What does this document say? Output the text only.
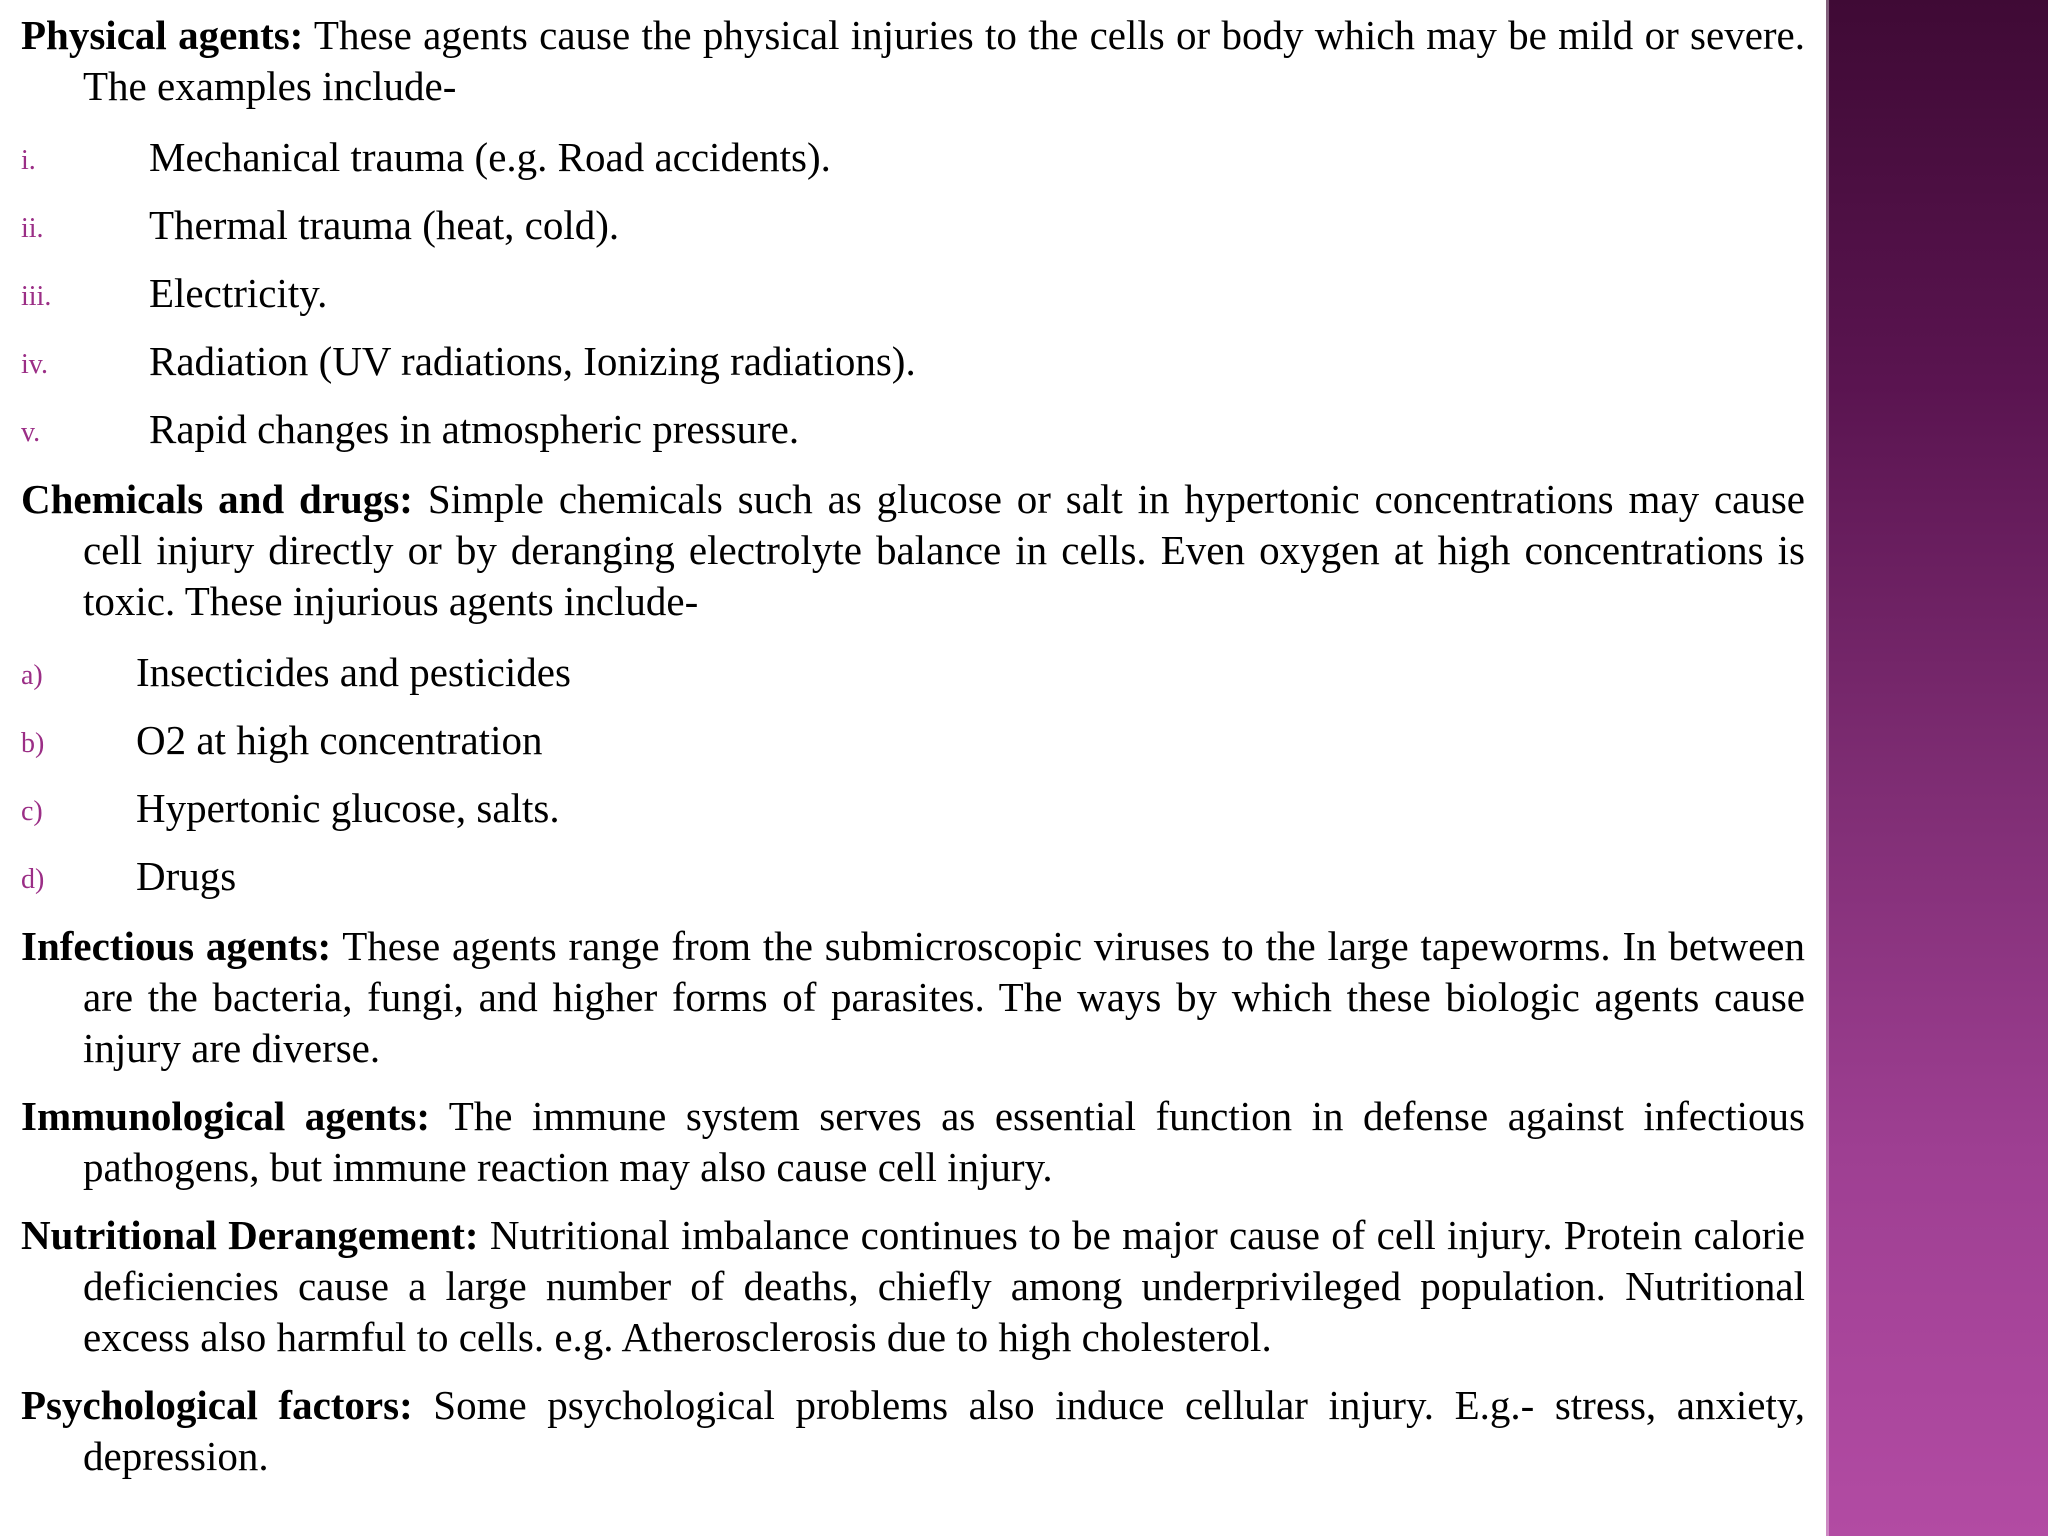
Physical agents: These agents cause the physical injuries to the cells or body which may be mild or severe. The examples include-

i.	Mechanical trauma (e.g. Road accidents).
ii.	Thermal trauma (heat, cold).
iii. Electricity.
iv. Radiation (UV radiations, Ionizing radiations).
v.	Rapid changes in atmospheric pressure.

Chemicals and drugs: Simple chemicals such as glucose or salt in hypertonic concentrations may cause cell injury directly or by deranging electrolyte balance in cells. Even oxygen at high concentrations is toxic. These injurious agents include-

a) Insecticides and pesticides
b) O2 at high concentration
c) Hypertonic glucose, salts.
d) Drugs

Infectious agents: These agents range from the submicroscopic viruses to the large tapeworms. In between are the bacteria, fungi, and higher forms of parasites. The ways by which these biologic agents cause injury are diverse.

Immunological agents: The immune system serves as essential function in defense against infectious pathogens, but immune reaction may also cause cell injury.

Nutritional Derangement: Nutritional imbalance continues to be major cause of cell injury. Protein calorie deficiencies cause a large number of deaths, chiefly among underprivileged population. Nutritional excess also harmful to cells. e.g. Atherosclerosis due to high cholesterol.

Psychological factors: Some psychological problems also induce cellular injury. E.g.- stress, anxiety, depression.
